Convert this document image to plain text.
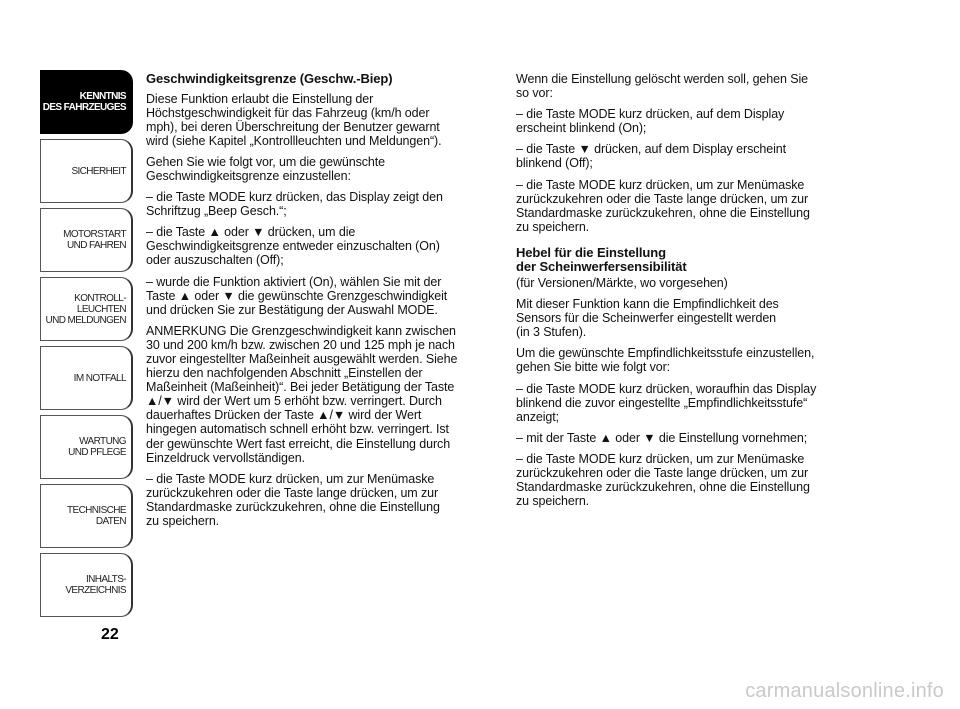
KENNTNIS
DES FAHRZEUGES
SICHERHEIT
MOTORSTART
UND FAHREN
KONTROLL-
LEUCHTEN
UND MELDUNGEN
IM NOTFALL
WARTUNG
UND PFLEGE
TECHNISCHE
DATEN
INHALTS-
VERZEICHNIS
22
Geschwindigkeitsgrenze (Geschw.-Biep)

Diese Funktion erlaubt die Einstellung der
Höchstgeschwindigkeit für das Fahrzeug (km/h oder
mph), bei deren Überschreitung der Benutzer gewarnt
wird (siehe Kapitel „Kontrollleuchten und Meldungen“).

Gehen Sie wie folgt vor, um die gewünschte
Geschwindigkeitsgrenze einzustellen:

– die Taste MODE kurz drücken, das Display zeigt den
Schriftzug „Beep Gesch.“;

– die Taste ▲ oder ▼ drücken, um die
Geschwindigkeitsgrenze entweder einzuschalten (On)
oder auszuschalten (Off);

– wurde die Funktion aktiviert (On), wählen Sie mit der
Taste ▲ oder ▼ die gewünschte Grenzgeschwindigkeit
und drücken Sie zur Bestätigung der Auswahl MODE.

ANMERKUNG Die Grenzgeschwindigkeit kann zwischen
30 und 200 km/h bzw. zwischen 20 und 125 mph je nach
zuvor eingestellter Maßeinheit ausgewählt werden. Siehe
hierzu den nachfolgenden Abschnitt „Einstellen der
Maßeinheit (Maßeinheit)“. Bei jeder Betätigung der Taste
▲/▼ wird der Wert um 5 erhöht bzw. verringert. Durch
dauerhaftes Drücken der Taste ▲/▼ wird der Wert
hingegen automatisch schnell erhöht bzw. verringert. Ist
der gewünschte Wert fast erreicht, die Einstellung durch
Einzeldruck vervollständigen.

– die Taste MODE kurz drücken, um zur Menümaske
zurückzukehren oder die Taste lange drücken, um zur
Standardmaske zurückzukehren, ohne die Einstellung
zu speichern.

Wenn die Einstellung gelöscht werden soll, gehen Sie
so vor:

– die Taste MODE kurz drücken, auf dem Display
erscheint blinkend (On);

– die Taste ▼ drücken, auf dem Display erscheint
blinkend (Off);

– die Taste MODE kurz drücken, um zur Menümaske
zurückzukehren oder die Taste lange drücken, um zur
Standardmaske zurückzukehren, ohne die Einstellung
zu speichern.

Hebel für die Einstellung
der Scheinwerfersensibilität

(für Versionen/Märkte, wo vorgesehen)

Mit dieser Funktion kann die Empfindlichkeit des
Sensors für die Scheinwerfer eingestellt werden
(in 3 Stufen).

Um die gewünschte Empfindlichkeitsstufe einzustellen,
gehen Sie bitte wie folgt vor:

– die Taste MODE kurz drücken, woraufhin das Display
blinkend die zuvor eingestellte „Empfindlichkeitsstufe“
anzeigt;

– mit der Taste ▲ oder ▼ die Einstellung vornehmen;

– die Taste MODE kurz drücken, um zur Menümaske
zurückzukehren oder die Taste lange drücken, um zur
Standardmaske zurückzukehren, ohne die Einstellung
zu speichern.

carmanualsonline.info
